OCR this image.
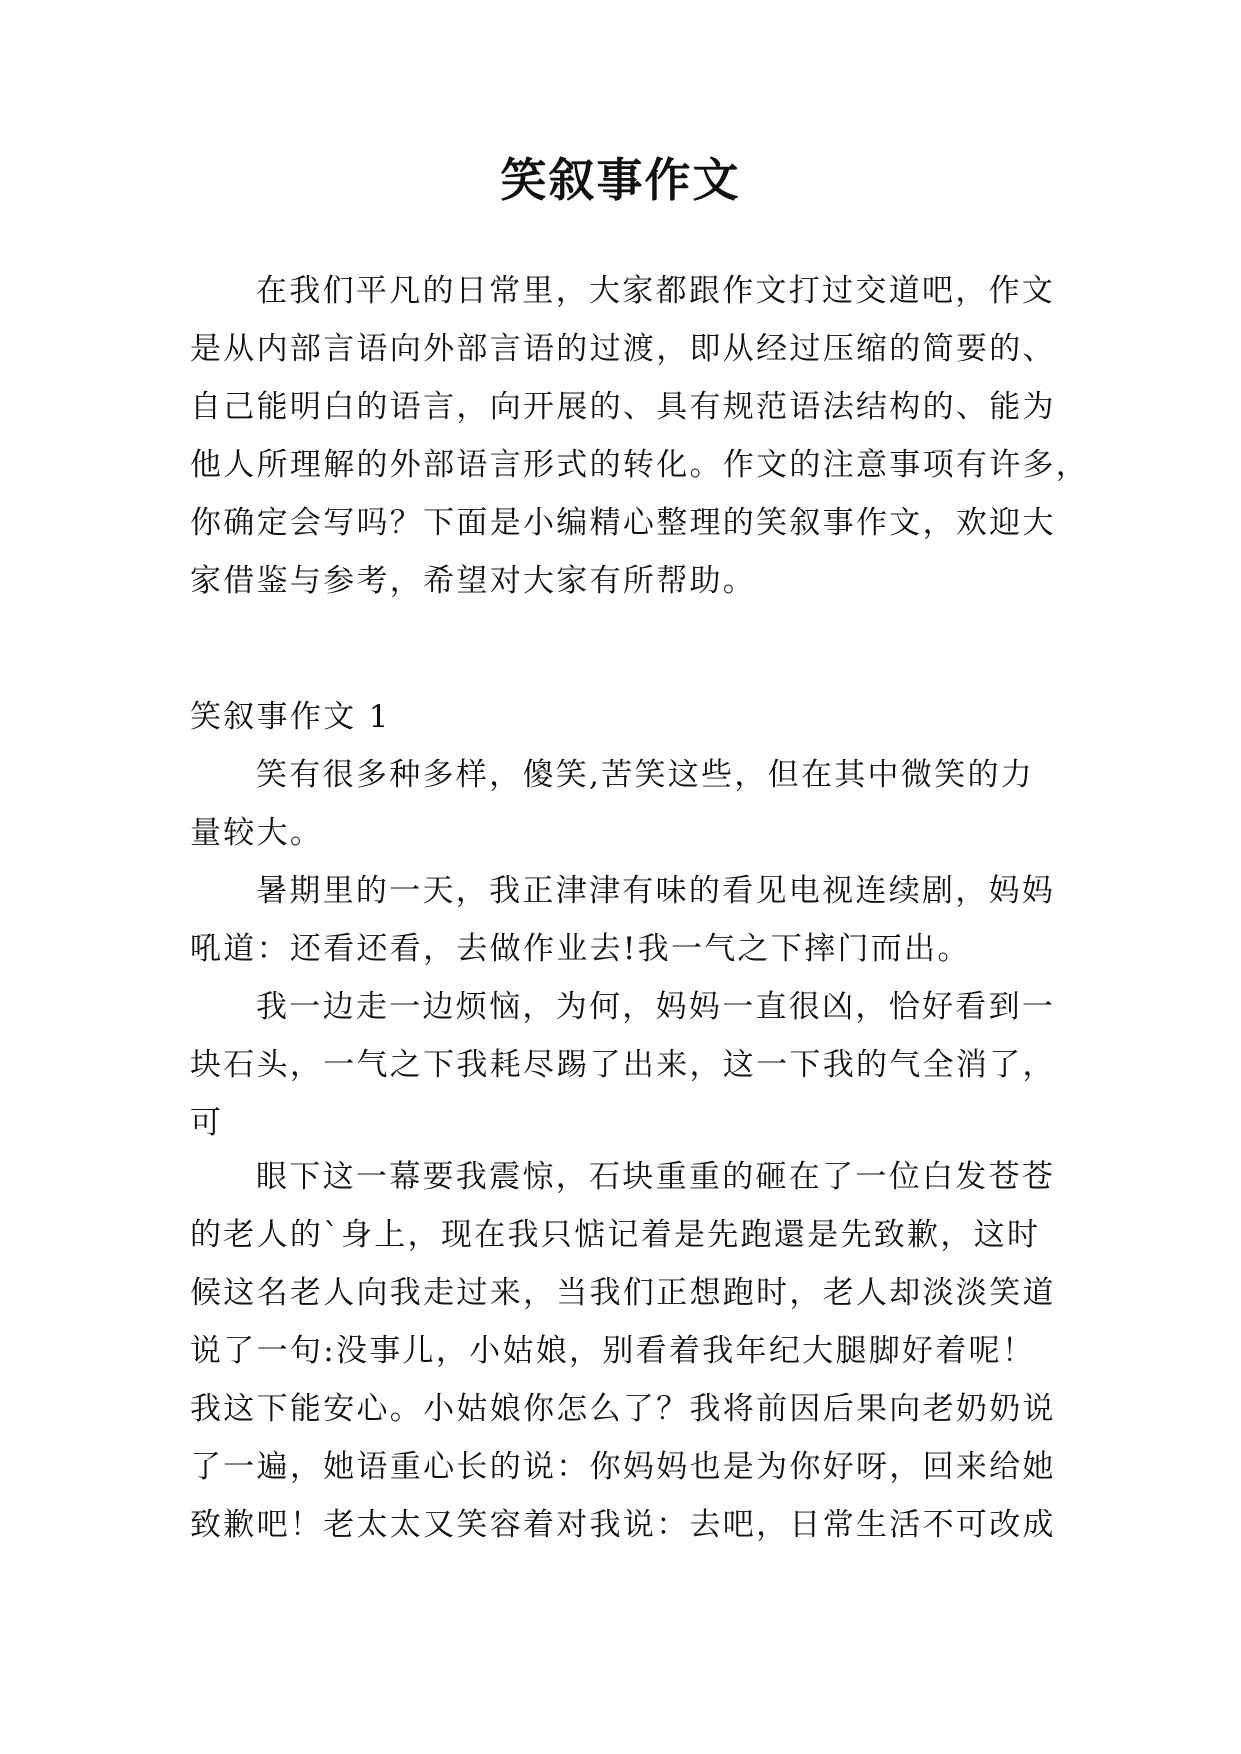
笑叙事作文
在我们平凡的日常里，大家都跟作文打过交道吧，作文
是从内部言语向外部言语的过渡，即从经过压缩的简要的、
自己能明白的语言，向开展的、具有规范语法结构的、能为
他人所理解的外部语言形式的转化。作文的注意事项有许多，
你确定会写吗？下面是小编精心整理的笑叙事作文，欢迎大
家借鉴与参考，希望对大家有所帮助。
笑叙事作文 1
笑有很多种多样，傻笑,苦笑这些，但在其中微笑的力
量较大。
暑期里的一天，我正津津有味的看见电视连续剧，妈妈
吼道：还看还看，去做作业去!我一气之下摔门而出。
我一边走一边烦恼，为何，妈妈一直很凶，恰好看到一
块石头，一气之下我耗尽踢了出来，这一下我的气全消了，
可
眼下这一幕要我震惊，石块重重的砸在了一位白发苍苍
的老人的`身上，现在我只惦记着是先跑還是先致歉，这时
候这名老人向我走过来，当我们正想跑时，老人却淡淡笑道
说了一句:没事儿，小姑娘，别看着我年纪大腿脚好着呢！
我这下能安心。小姑娘你怎么了？我将前因后果向老奶奶说
了一遍，她语重心长的说：你妈妈也是为你好呀，回来给她
致歉吧！老太太又笑容着对我说：去吧，日常生活不可改成
